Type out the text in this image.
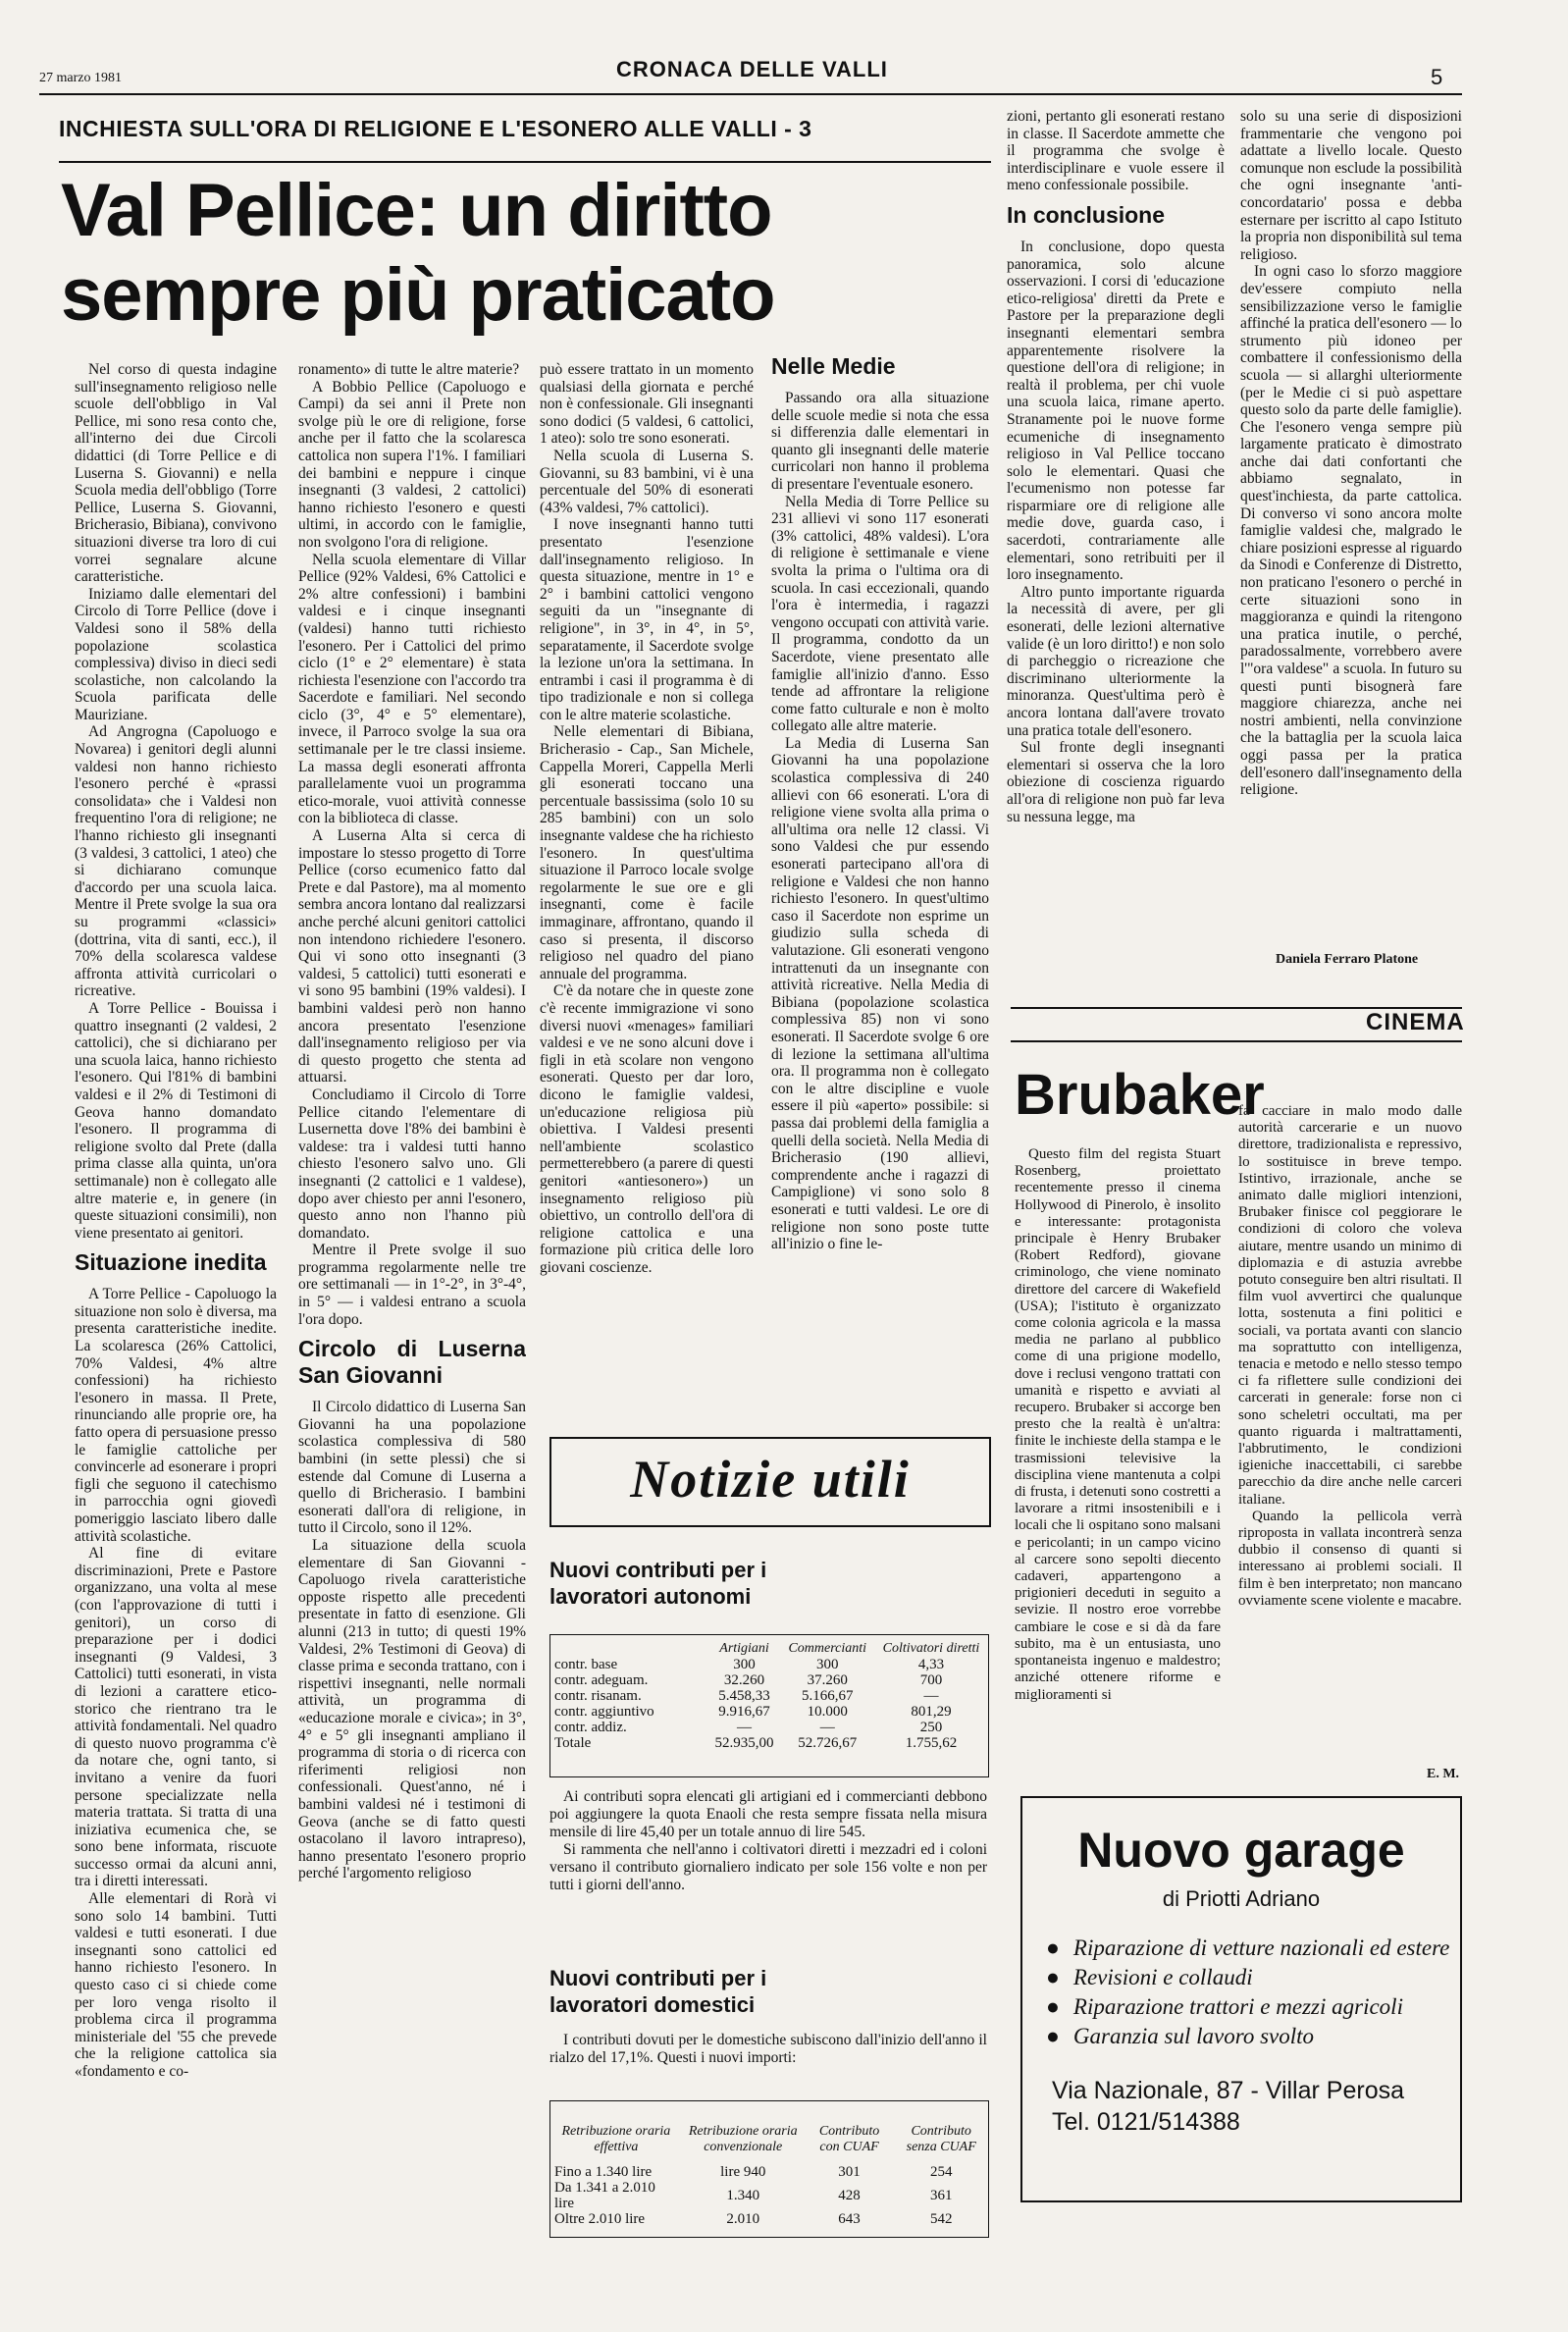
27 marzo 1981	CRONACA DELLE VALLI	5
INCHIESTA SULL'ORA DI RELIGIONE E L'ESONERO ALLE VALLI - 3
Val Pellice: un diritto
sempre più praticato

Nel corso di questa indagine sull'insegnamento religioso nelle scuole dell'obbligo in Val Pellice, mi sono resa conto che, all'interno dei due Circoli didattici (di Torre Pellice e di Luserna S. Giovanni) e nella Scuola media dell'obbligo (Torre Pellice, Luserna S. Giovanni, Bricherasio, Bibiana), convivono situazioni diverse tra loro di cui vorrei segnalare alcune caratteristiche.

Iniziamo dalle elementari del Circolo di Torre Pellice (dove i Valdesi sono il 58% della popolazione scolastica complessiva) diviso in dieci sedi scolastiche, non calcolando la Scuola parificata delle Mauriziane.

Ad Angrogna (Capoluogo e Novarea) i genitori degli alunni valdesi non hanno richiesto l'esonero perché è «prassi consolidata» che i Valdesi non frequentino l'ora di religione; ne l'hanno richiesto gli insegnanti (3 valdesi, 3 cattolici, 1 ateo) che si dichiarano comunque d'accordo per una scuola laica. Mentre il Prete svolge la sua ora su programmi «classici» (dottrina, vita di santi, ecc.), il 70% della scolaresca valdese affronta attività curricolari o ricreative.

A Torre Pellice - Bouissa i quattro insegnanti (2 valdesi, 2 cattolici), che si dichiarano per una scuola laica, hanno richiesto l'esonero. Qui l'81% di bambini valdesi e il 2% di Testimoni di Geova hanno domandato l'esonero. Il programma di religione svolto dal Prete (dalla prima classe alla quinta, un'ora settimanale) non è collegato alle altre materie e, in genere (in queste situazioni consimili), non viene presentato ai genitori.

Situazione inedita

A Torre Pellice - Capoluogo la situazione non solo è diversa, ma presenta caratteristiche inedite. La scolaresca (26% Cattolici, 70% Valdesi, 4% altre confessioni) ha richiesto l'esonero in massa. Il Prete, rinunciando alle proprie ore, ha fatto opera di persuasione presso le famiglie cattoliche per convincerle ad esonerare i propri figli che seguono il catechismo in parrocchia ogni giovedì pomeriggio lasciato libero dalle attività scolastiche.

Al fine di evitare discriminazioni, Prete e Pastore organizzano, una volta al mese (con l'approvazione di tutti i genitori), un corso di preparazione per i dodici insegnanti (9 Valdesi, 3 Cattolici) tutti esonerati, in vista di lezioni a carattere etico-storico che rientrano tra le attività fondamentali. Nel quadro di questo nuovo programma c'è da notare che, ogni tanto, si invitano a venire da fuori persone specializzate nella materia trattata. Si tratta di una iniziativa ecumenica che, se sono bene informata, riscuote successo ormai da alcuni anni, tra i diretti interessati.

Alle elementari di Rorà vi sono solo 14 bambini. Tutti valdesi e tutti esonerati. I due insegnanti sono cattolici ed hanno richiesto l'esonero. In questo caso ci si chiede come per loro venga risolto il problema circa il programma ministeriale del '55 che prevede che la religione cattolica sia «fondamento e co-

ronamento» di tutte le altre materie?

A Bobbio Pellice (Capoluogo e Campi) da sei anni il Prete non svolge più le ore di religione, forse anche per il fatto che la scolaresca cattolica non supera l'1%. I familiari dei bambini e neppure i cinque insegnanti (3 valdesi, 2 cattolici) hanno richiesto l'esonero e questi ultimi, in accordo con le famiglie, non svolgono l'ora di religione.

Nella scuola elementare di Villar Pellice (92% Valdesi, 6% Cattolici e 2% altre confessioni) i bambini valdesi e i cinque insegnanti (valdesi) hanno tutti richiesto l'esonero. Per i Cattolici del primo ciclo (1° e 2° elementare) è stata richiesta l'esenzione con l'accordo tra Sacerdote e familiari. Nel secondo ciclo (3°, 4° e 5° elementare), invece, il Parroco svolge la sua ora settimanale per le tre classi insieme. La massa degli esonerati affronta parallelamente vuoi un programma etico-morale, vuoi attività connesse con la biblioteca di classe.

A Luserna Alta si cerca di impostare lo stesso progetto di Torre Pellice (corso ecumenico fatto dal Prete e dal Pastore), ma al momento sembra ancora lontano dal realizzarsi anche perché alcuni genitori cattolici non intendono richiedere l'esonero. Qui vi sono otto insegnanti (3 valdesi, 5 cattolici) tutti esonerati e vi sono 95 bambini (19% valdesi). I bambini valdesi però non hanno ancora presentato l'esenzione dall'insegnamento religioso per via di questo progetto che stenta ad attuarsi.

Concludiamo il Circolo di Torre Pellice citando l'elementare di Lusernetta dove l'8% dei bambini è valdese: tra i valdesi tutti hanno chiesto l'esonero salvo uno. Gli insegnanti (2 cattolici e 1 valdese), dopo aver chiesto per anni l'esonero, questo anno non l'hanno più domandato.

Mentre il Prete svolge il suo programma regolarmente nelle tre ore settimanali — in 1°-2°, in 3°-4°, in 5° — i valdesi entrano a scuola l'ora dopo.

Circolo di Luserna San Giovanni

Il Circolo didattico di Luserna San Giovanni ha una popolazione scolastica complessiva di 580 bambini (in sette plessi) che si estende dal Comune di Luserna a quello di Bricherasio. I bambini esonerati dall'ora di religione, in tutto il Circolo, sono il 12%.

La situazione della scuola elementare di San Giovanni - Capoluogo rivela caratteristiche opposte rispetto alle precedenti presentate in fatto di esenzione. Gli alunni (213 in tutto; di questi 19% Valdesi, 2% Testimoni di Geova) di classe prima e seconda trattano, con i rispettivi insegnanti, nelle normali attività, un programma di «educazione morale e civica»; in 3°, 4° e 5° gli insegnanti ampliano il programma di storia o di ricerca con riferimenti religiosi non confessionali. Quest'anno, né i bambini valdesi né i testimoni di Geova (anche se di fatto questi ostacolano il lavoro intrapreso), hanno presentato l'esonero proprio perché l'argomento religioso

può essere trattato in un momento qualsiasi della giornata e perché non è confessionale. Gli insegnanti sono dodici (5 valdesi, 6 cattolici, 1 ateo): solo tre sono esonerati.

Nella scuola di Luserna S. Giovanni, su 83 bambini, vi è una percentuale del 50% di esonerati (43% valdesi, 7% cattolici).

I nove insegnanti hanno tutti presentato l'esenzione dall'insegnamento religioso. In questa situazione, mentre in 1° e 2° i bambini cattolici vengono seguiti da un "insegnante di religione", in 3°, in 4°, in 5°, separatamente, il Sacerdote svolge la lezione un'ora la settimana. In entrambi i casi il programma è di tipo tradizionale e non si collega con le altre materie scolastiche.

Nelle elementari di Bibiana, Bricherasio - Cap., San Michele, Cappella Moreri, Cappella Merli gli esonerati toccano una percentuale bassissima (solo 10 su 285 bambini) con un solo insegnante valdese che ha richiesto l'esonero. In quest'ultima situazione il Parroco locale svolge regolarmente le sue ore e gli insegnanti, come è facile immaginare, affrontano, quando il caso si presenta, il discorso religioso nel quadro del piano annuale del programma.

C'è da notare che in queste zone c'è recente immigrazione vi sono diversi nuovi «menages» familiari valdesi e ve ne sono alcuni dove i figli in età scolare non vengono esonerati. Questo per dar loro, dicono le famiglie valdesi, un'educazione religiosa più obiettiva. I Valdesi presenti nell'ambiente scolastico permetterebbero (a parere di questi genitori «antiesonero») un insegnamento religioso più obiettivo, un controllo dell'ora di religione cattolica e una formazione più critica delle loro giovani coscienze.

Nelle Medie

Passando ora alla situazione delle scuole medie si nota che essa si differenzia dalle elementari in quanto gli insegnanti delle materie curricolari non hanno il problema di presentare l'eventuale esonero.

Nella Media di Torre Pellice su 231 allievi vi sono 117 esonerati (3% cattolici, 48% valdesi). L'ora di religione è settimanale e viene svolta la prima o l'ultima ora di scuola. In casi eccezionali, quando l'ora è intermedia, i ragazzi vengono occupati con attività varie. Il programma, condotto da un Sacerdote, viene presentato alle famiglie all'inizio d'anno. Esso tende ad affrontare la religione come fatto culturale e non è molto collegato alle altre materie.

La Media di Luserna San Giovanni ha una popolazione scolastica complessiva di 240 allievi con 66 esonerati. L'ora di religione viene svolta alla prima o all'ultima ora nelle 12 classi. Vi sono Valdesi che pur essendo esonerati partecipano all'ora di religione e Valdesi che non hanno richiesto l'esonero. In quest'ultimo caso il Sacerdote non esprime un giudizio sulla scheda di valutazione. Gli esonerati vengono intrattenuti da un insegnante con attività ricreative. Nella Media di Bibiana (popolazione scolastica complessiva 85) non vi sono esonerati. Il Sacerdote svolge 6 ore di lezione la settimana all'ultima ora. Il programma non è collegato con le altre discipline e vuole essere il più «aperto» possibile: si passa dai problemi della famiglia a quelli della società. Nella Media di Bricherasio (190 allievi, comprendente anche i ragazzi di Campiglione) vi sono solo 8 esonerati e tutti valdesi. Le ore di religione non sono poste tutte all'inizio o fine le-

zioni, pertanto gli esonerati restano in classe. Il Sacerdote ammette che il programma che svolge è interdisciplinare e vuole essere il meno confessionale possibile.

In conclusione

In conclusione, dopo questa panoramica, solo alcune osservazioni. I corsi di 'educazione etico-religiosa' diretti da Prete e Pastore per la preparazione degli insegnanti elementari sembra apparentemente risolvere la questione dell'ora di religione; in realtà il problema, per chi vuole una scuola laica, rimane aperto. Stranamente poi le nuove forme ecumeniche di insegnamento religioso in Val Pellice toccano solo le elementari. Quasi che l'ecumenismo non potesse far risparmiare ore di religione alle medie dove, guarda caso, i sacerdoti, contrariamente alle elementari, sono retribuiti per il loro insegnamento.

Altro punto importante riguarda la necessità di avere, per gli esonerati, delle lezioni alternative valide (è un loro diritto!) e non solo di parcheggio o ricreazione che discriminano ulteriormente la minoranza. Quest'ultima però è ancora lontana dall'avere trovato una pratica totale dell'esonero.

Sul fronte degli insegnanti elementari si osserva che la loro obiezione di coscienza riguardo all'ora di religione non può far leva su nessuna legge, ma

solo su una serie di disposizioni frammentarie che vengono poi adattate a livello locale. Questo comunque non esclude la possibilità che ogni insegnante 'anti-concordatario' possa e debba esternare per iscritto al capo Istituto la propria non disponibilità sul tema religioso.

In ogni caso lo sforzo maggiore dev'essere compiuto nella sensibilizzazione verso le famiglie affinché la pratica dell'esonero — lo strumento più idoneo per combattere il confessionismo della scuola — si allarghi ulteriormente (per le Medie ci si può aspettare questo solo da parte delle famiglie). Che l'esonero venga sempre più largamente praticato è dimostrato anche dai dati confortanti che abbiamo segnalato, in quest'inchiesta, da parte cattolica. Di converso vi sono ancora molte famiglie valdesi che, malgrado le chiare posizioni espresse al riguardo da Sinodi e Conferenze di Distretto, non praticano l'esonero o perché in certe situazioni sono in maggioranza e quindi la ritengono una pratica inutile, o perché, paradossalmente, vorrebbero avere l'"ora valdese" a scuola. In futuro su questi punti bisognerà fare maggiore chiarezza, anche nei nostri ambienti, nella convinzione che la battaglia per la scuola laica oggi passa per la pratica dell'esonero dall'insegnamento della religione.

Daniela Ferraro Platone
CINEMA
Brubaker

Questo film del regista Stuart Rosenberg, proiettato recentemente presso il cinema Hollywood di Pinerolo, è insolito e interessante: protagonista principale è Henry Brubaker (Robert Redford), giovane criminologo, che viene nominato direttore del carcere di Wakefield (USA); l'istituto è organizzato come colonia agricola e la massa media ne parlano al pubblico come di una prigione modello, dove i reclusi vengono trattati con umanità e rispetto e avviati al recupero. Brubaker si accorge ben presto che la realtà è un'altra: finite le inchieste della stampa e le trasmissioni televisive la disciplina viene mantenuta a colpi di frusta, i detenuti sono costretti a lavorare a ritmi insostenibili e i locali che li ospitano sono malsani e pericolanti; in un campo vicino al carcere sono sepolti diecento cadaveri, appartengono a prigionieri deceduti in seguito a sevizie. Il nostro eroe vorrebbe cambiare le cose e si dà da fare subito, ma è un entusiasta, uno spontaneista ingenuo e maldestro; anziché ottenere riforme e miglioramenti si

fa cacciare in malo modo dalle autorità carcerarie e un nuovo direttore, tradizionalista e repressivo, lo sostituisce in breve tempo. Istintivo, irrazionale, anche se animato dalle migliori intenzioni, Brubaker finisce col peggiorare le condizioni di coloro che voleva aiutare, mentre usando un minimo di diplomazia e di astuzia avrebbe potuto conseguire ben altri risultati. Il film vuol avvertirci che qualunque lotta, sostenuta a fini politici e sociali, va portata avanti con slancio ma soprattutto con intelligenza, tenacia e metodo e nello stesso tempo ci fa riflettere sulle condizioni dei carcerati in generale: forse non ci sono scheletri occultati, ma per quanto riguarda i maltrattamenti, l'abbrutimento, le condizioni igieniche inaccettabili, ci sarebbe parecchio da dire anche nelle carceri italiane.

Quando la pellicola verrà riproposta in vallata incontrerà senza dubbio il consenso di quanti si interessano ai problemi sociali. Il film è ben interpretato; non mancano ovviamente scene violente e macabre.

E. M.
Notizie utili
Nuovi contributi per i lavoratori autonomi
	Artigiani	Commercianti	Coltivatori diretti
contr. base	300	300	4,33
contr. adeguam.	32.260	37.260	700
contr. risanam.	5.458,33	5.166,67	—
contr. aggiuntivo	9.916,67	10.000	801,29
contr. addiz.	—	—	250
Totale	52.935,00	52.726,67	1.755,62

Ai contributi sopra elencati gli artigiani ed i commercianti debbono poi aggiungere la quota Enaoli che resta sempre fissata nella misura mensile di lire 45,40 per un totale annuo di lire 545.

Si rammenta che nell'anno i coltivatori diretti i mezzadri ed i coloni versano il contributo giornaliero indicato per sole 156 volte e non per tutti i giorni dell'anno.

Nuovi contributi per i lavoratori domestici

I contributi dovuti per le domestiche subiscono dall'inizio dell'anno il rialzo del 17,1%. Questi i nuovi importi:

Retribuzione oraria effettiva	Retribuzione oraria convenzionale	Contributo con CUAF	Contributo senza CUAF
Fino a 1.340 lire	lire 940	301	254
Da 1.341 a 2.010 lire	1.340	428	361
Oltre 2.010 lire	2.010	643	542
Nuovo garage
di Priotti Adriano
● Riparazione di vetture nazionali ed estere
● Revisioni e collaudi
● Riparazione trattori e mezzi agricoli
● Garanzia sul lavoro svolto
Via Nazionale, 87 - Villar Perosa
Tel. 0121/514388
